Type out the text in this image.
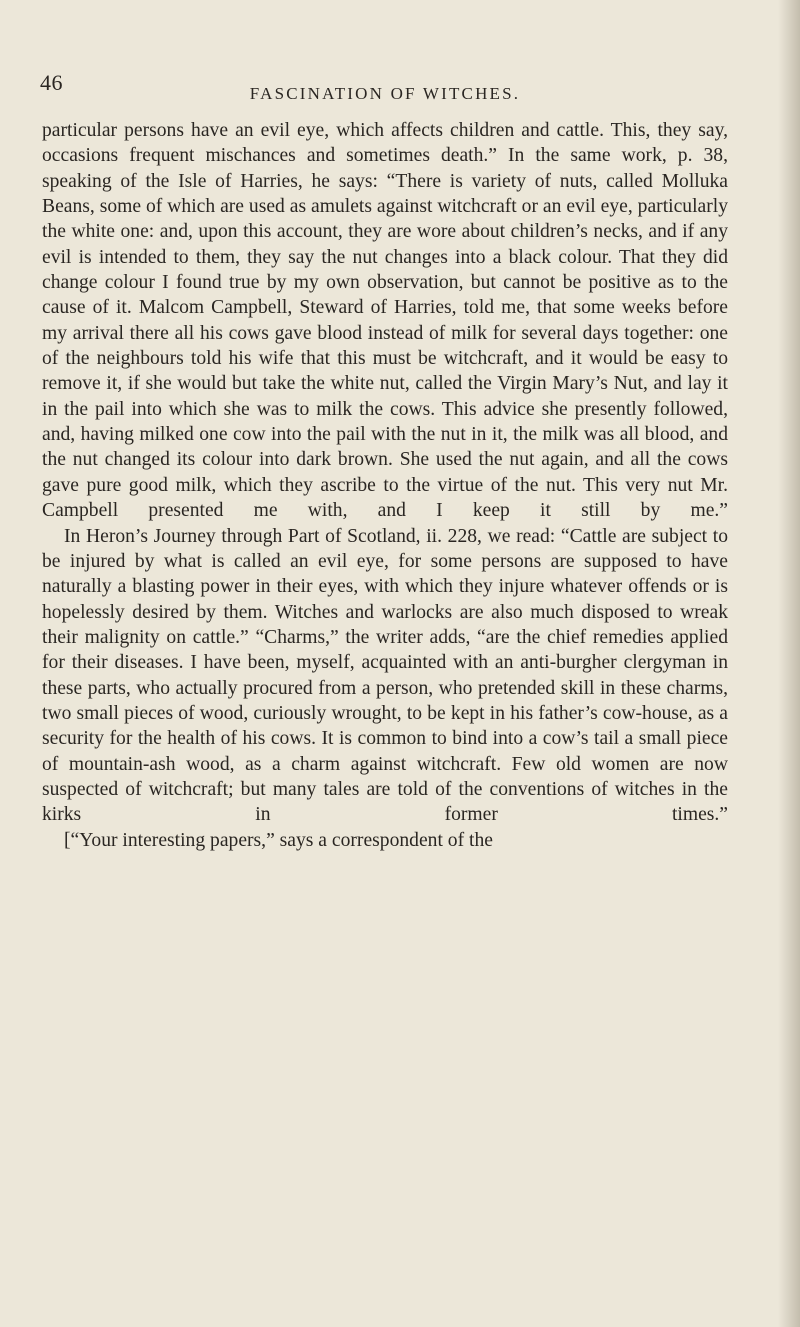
46	FASCINATION OF WITCHES.

particular persons have an evil eye, which affects children and cattle. This, they say, occasions frequent mischances and sometimes death.” In the same work, p. 38, speaking of the Isle of Harries, he says: “There is variety of nuts, called Molluka Beans, some of which are used as amulets against witchcraft or an evil eye, particularly the white one: and, upon this account, they are wore about children’s necks, and if any evil is intended to them, they say the nut changes into a black colour. That they did change colour I found true by my own observation, but cannot be positive as to the cause of it. Malcom Campbell, Steward of Harries, told me, that some weeks before my arrival there all his cows gave blood instead of milk for several days together: one of the neighbours told his wife that this must be witchcraft, and it would be easy to remove it, if she would but take the white nut, called the Virgin Mary’s Nut, and lay it in the pail into which she was to milk the cows. This advice she presently followed, and, having milked one cow into the pail with the nut in it, the milk was all blood, and the nut changed its colour into dark brown. She used the nut again, and all the cows gave pure good milk, which they ascribe to the virtue of the nut. This very nut Mr. Campbell presented me with, and I keep it still by me.”

In Heron’s Journey through Part of Scotland, ii. 228, we read: “Cattle are subject to be injured by what is called an evil eye, for some persons are supposed to have naturally a blasting power in their eyes, with which they injure whatever offends or is hopelessly desired by them. Witches and warlocks are also much disposed to wreak their malignity on cattle.” “Charms,” the writer adds, “are the chief remedies applied for their diseases. I have been, myself, acquainted with an anti-burgher clergyman in these parts, who actually procured from a person, who pretended skill in these charms, two small pieces of wood, curiously wrought, to be kept in his father’s cow-house, as a security for the health of his cows. It is common to bind into a cow’s tail a small piece of mountain-ash wood, as a charm against witchcraft. Few old women are now suspected of witchcraft; but many tales are told of the conventions of witches in the kirks in former times.”

[“Your interesting papers,” says a correspondent of the
